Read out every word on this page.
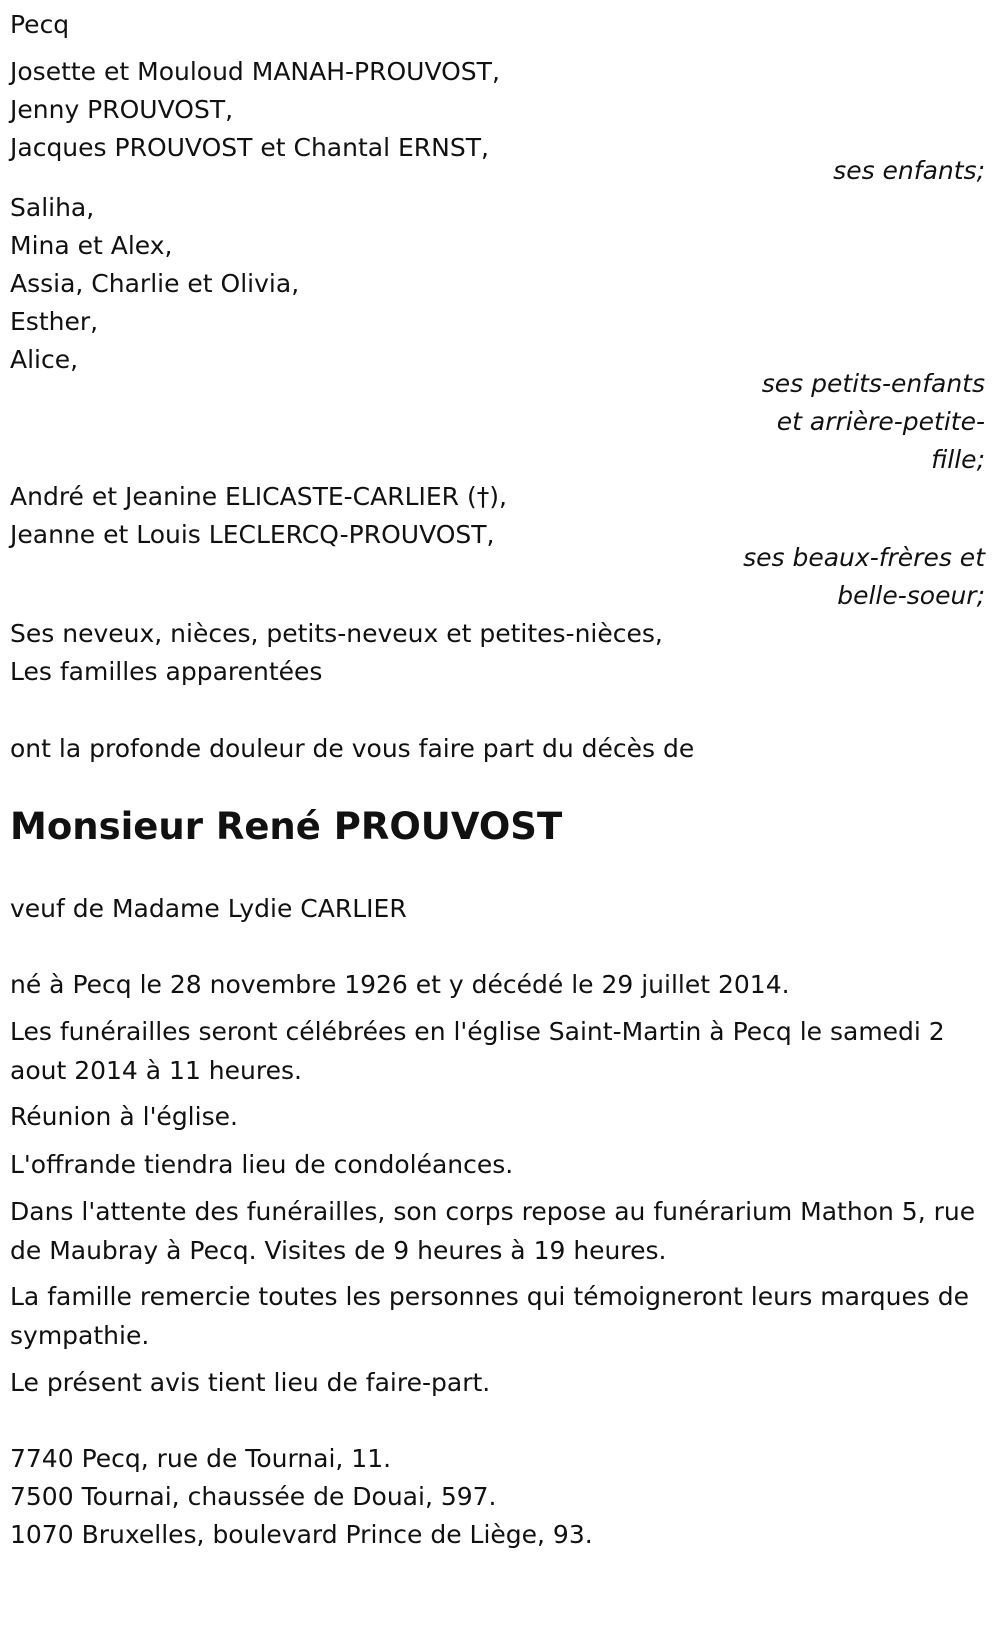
Pecq
Josette et Mouloud MANAH-PROUVOST,
Jenny PROUVOST,
Jacques PROUVOST et Chantal ERNST,
ses enfants;
Saliha,
Mina et Alex,
Assia, Charlie et Olivia,
Esther,
Alice,
ses petits-enfants
et arrière-petite-
fille;
André et Jeanine ELICASTE-CARLIER (†),
Jeanne et Louis LECLERCQ-PROUVOST,
ses beaux-frères et
belle-soeur;
Ses neveux, nièces, petits-neveux et petites-nièces,
Les familles apparentées
ont la profonde douleur de vous faire part du décès de
Monsieur René PROUVOST
veuf de Madame Lydie CARLIER
né à Pecq le 28 novembre 1926 et y décédé le 29 juillet 2014.
Les funérailles seront célébrées en l'église Saint-Martin à Pecq le samedi 2 aout 2014 à 11 heures.
Réunion à l'église.
L'offrande tiendra lieu de condoléances.
Dans l'attente des funérailles, son corps repose au funérarium Mathon 5, rue de Maubray à Pecq. Visites de 9 heures à 19 heures.
La famille remercie toutes les personnes qui témoigneront leurs marques de sympathie.
Le présent avis tient lieu de faire-part.
7740 Pecq, rue de Tournai, 11.
7500 Tournai, chaussée de Douai, 597.
1070 Bruxelles, boulevard Prince de Liège, 93.
